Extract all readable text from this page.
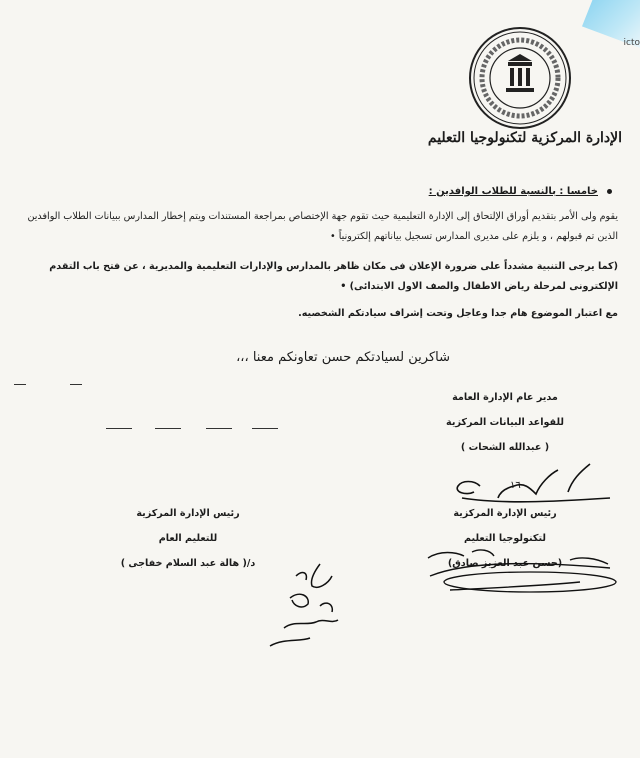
icto
الإدارة المركزية لتكنولوجيا التعليم
خامسا : بالنسبة للطلاب الوافدين :
يقوم ولى الأمر بتقديم أوراق الإلتحاق إلى الإدارة التعليمية حيث تقوم جهة الإختصاص بمراجعة المستندات ويتم إخطار المدارس ببيانات الطلاب الوافدين الذين تم قبولهم ، و يلزم على مديرى المدارس تسجيل بياناتهم إلكترونياً •
(كما يرجى التنبية مشدداً على ضرورة الإعلان فى مكان ظاهر بالمدارس والإدارات التعليمية والمديرية ، عن فتح باب التقدم الإلكترونى لمرحلة رياض الاطفال والصف الاول الابتدائى) •
مع اعتبار الموضوع هام جدا وعاجل وتحت إشراف سيادتكم الشخصيه.
شاكرين لسيادتكم حسن تعاونكم معنا ،،،
مدير عام الإدارة العامة
للقواعد البيانات المركزية
( عبدالله الشحات )
١٦
رئيس الإدارة المركزية
لتكنولوجيا التعليم
(حسن عبد العزيز صادق)
رئيس الإدارة المركزية
للتعليم العام
د/( هالة عبد السلام خفاجى )
